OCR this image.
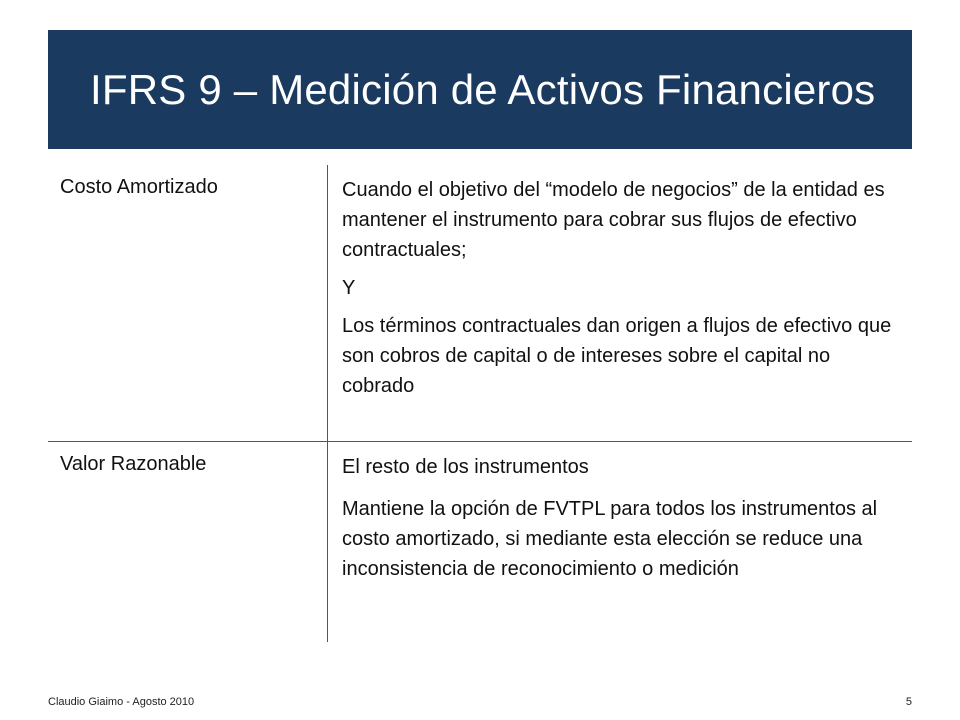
IFRS 9 – Medición de Activos Financieros
Costo Amortizado	Cuando el objetivo del “modelo de negocios” de la entidad es mantener el instrumento para cobrar sus flujos de efectivo contractuales;

Y

Los términos contractuales dan origen a flujos de efectivo que son cobros de capital o de intereses sobre el capital no cobrado

Valor Razonable	El resto de los instrumentos

Mantiene la opción de FVTPL para todos los instrumentos al costo amortizado, si mediante esta elección se reduce una inconsistencia de reconocimiento o medición

Claudio Giaimo - Agosto 2010	5
